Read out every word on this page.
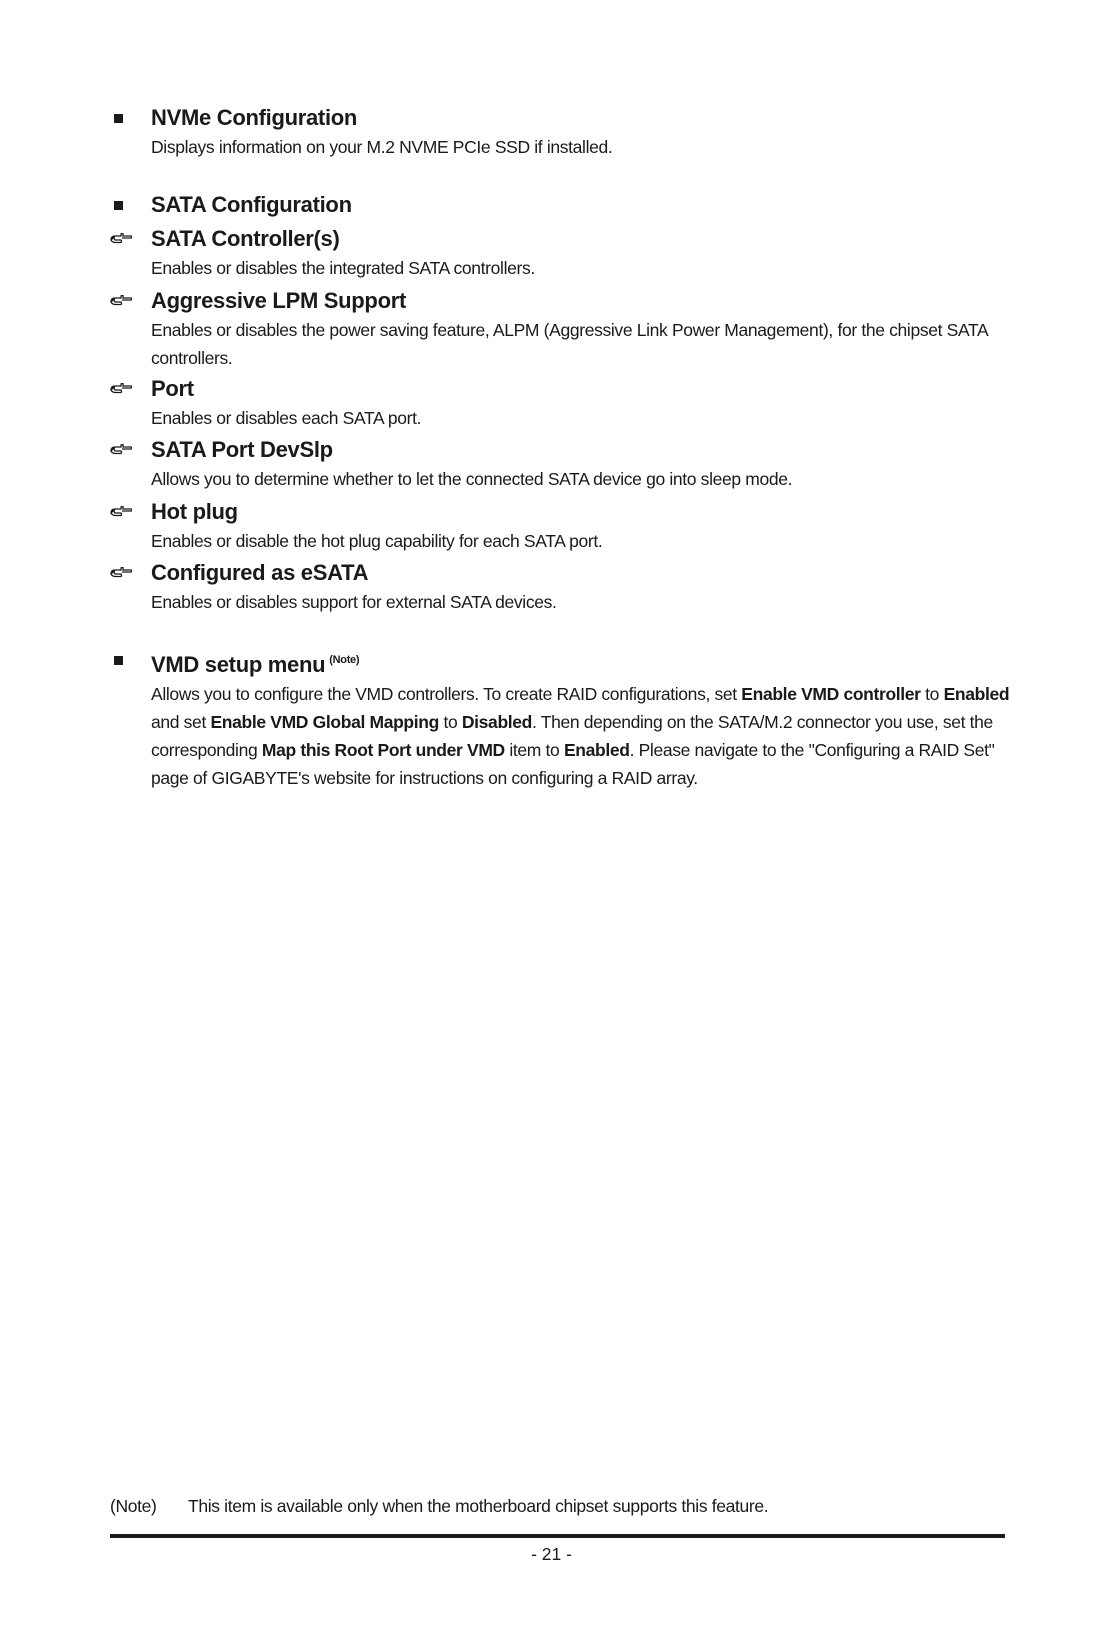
NVMe Configuration
Displays information on your M.2 NVME PCIe SSD if installed.
SATA Configuration
SATA Controller(s)
Enables or disables the integrated SATA controllers.
Aggressive LPM Support
Enables or disables the power saving feature, ALPM (Aggressive Link Power Management), for the chipset SATA controllers.
Port
Enables or disables each SATA port.
SATA Port DevSlp
Allows you to determine whether to let the connected SATA device go into sleep mode.
Hot plug
Enables or disable the hot plug capability for each SATA port.
Configured as eSATA
Enables or disables support for external SATA devices.
VMD setup menu $^{(Note)}$
Allows you to configure the VMD controllers. To create RAID configurations, set Enable VMD controller to Enabled and set Enable VMD Global Mapping to Disabled. Then depending on the SATA/M.2 connector you use, set the corresponding Map this Root Port under VMD item to Enabled. Please navigate to the "Configuring a RAID Set" page of GIGABYTE's website for instructions on configuring a RAID array.
(Note) This item is available only when the motherboard chipset supports this feature.
- 21 -
